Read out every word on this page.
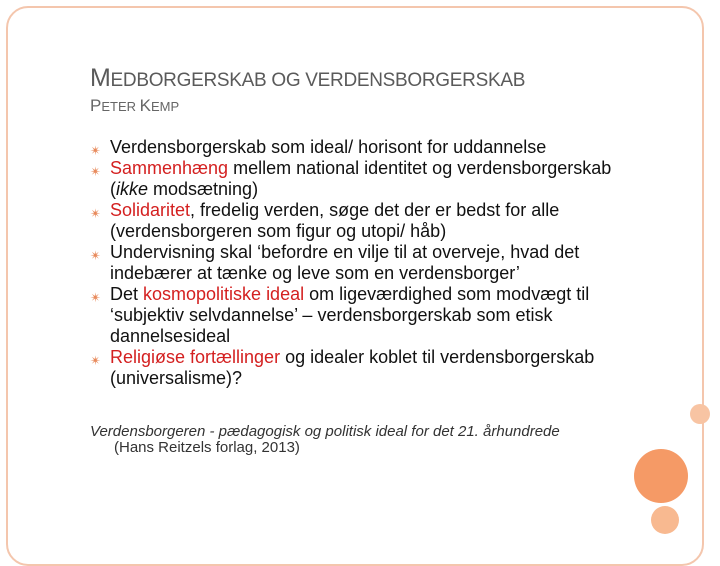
MEDBORGERSKAB OG VERDENSBORGERSKAB
PETER KEMP
✴ Verdensborgerskab som ideal/ horisont for uddannelse
✴ Sammenhæng mellem national identitet og verdensborgerskab (ikke modsætning)
✴ Solidaritet, fredelig verden, søge det der er bedst for alle (verdensborgeren som figur og utopi/ håb)
✴ Undervisning skal ‘befordre en vilje til at overveje, hvad det indebærer at tænke og leve som en verdensborger’
✴ Det kosmopolitiske ideal om ligeværdighed som modvægt til ‘subjektiv selvdannelse’ – verdensborgerskab som etisk dannelsesideal
✴ Religiøse fortællinger og idealer koblet til verdensborgerskab (universalisme)?
Verdensborgeren - pædagogisk og politisk ideal for det 21. århundrede
(Hans Reitzels forlag, 2013)
